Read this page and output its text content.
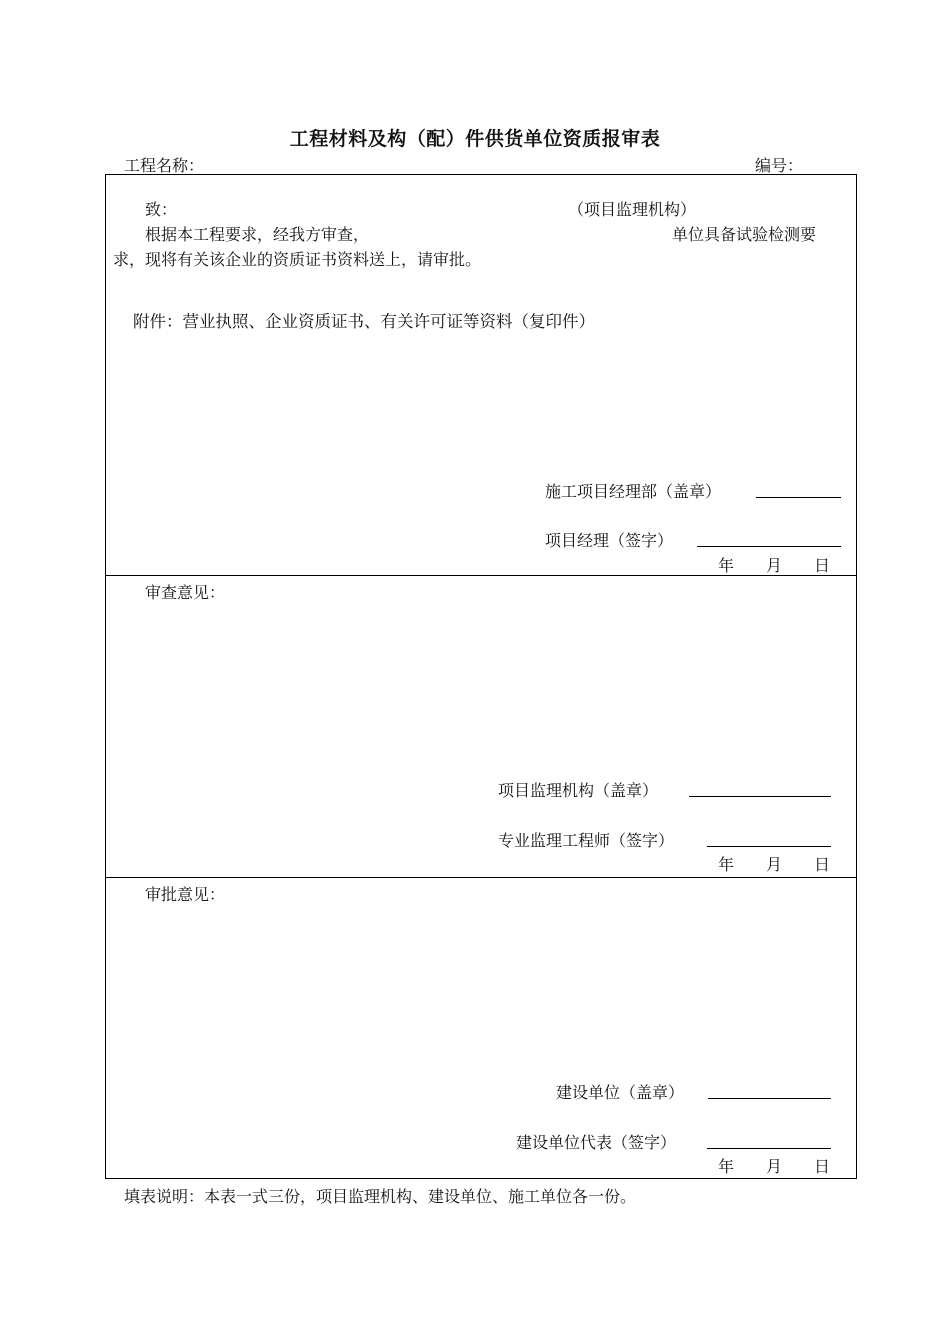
工程材料及构（配）件供货单位资质报审表
工程名称：	编号：
致：	（项目监理机构）
根据本工程要求，经我方审查，	单位具备试验检测要
求，现将有关该企业的资质证书资料送上，请审批。
附件：营业执照、企业资质证书、有关许可证等资料（复印件）
施工项目经理部（盖章）
项目经理（签字）
年 月 日
审查意见：
项目监理机构（盖章）
专业监理工程师（签字）
年 月 日
审批意见：
建设单位（盖章）
建设单位代表（签字）
年 月 日
填表说明：本表一式三份，项目监理机构、建设单位、施工单位各一份。
